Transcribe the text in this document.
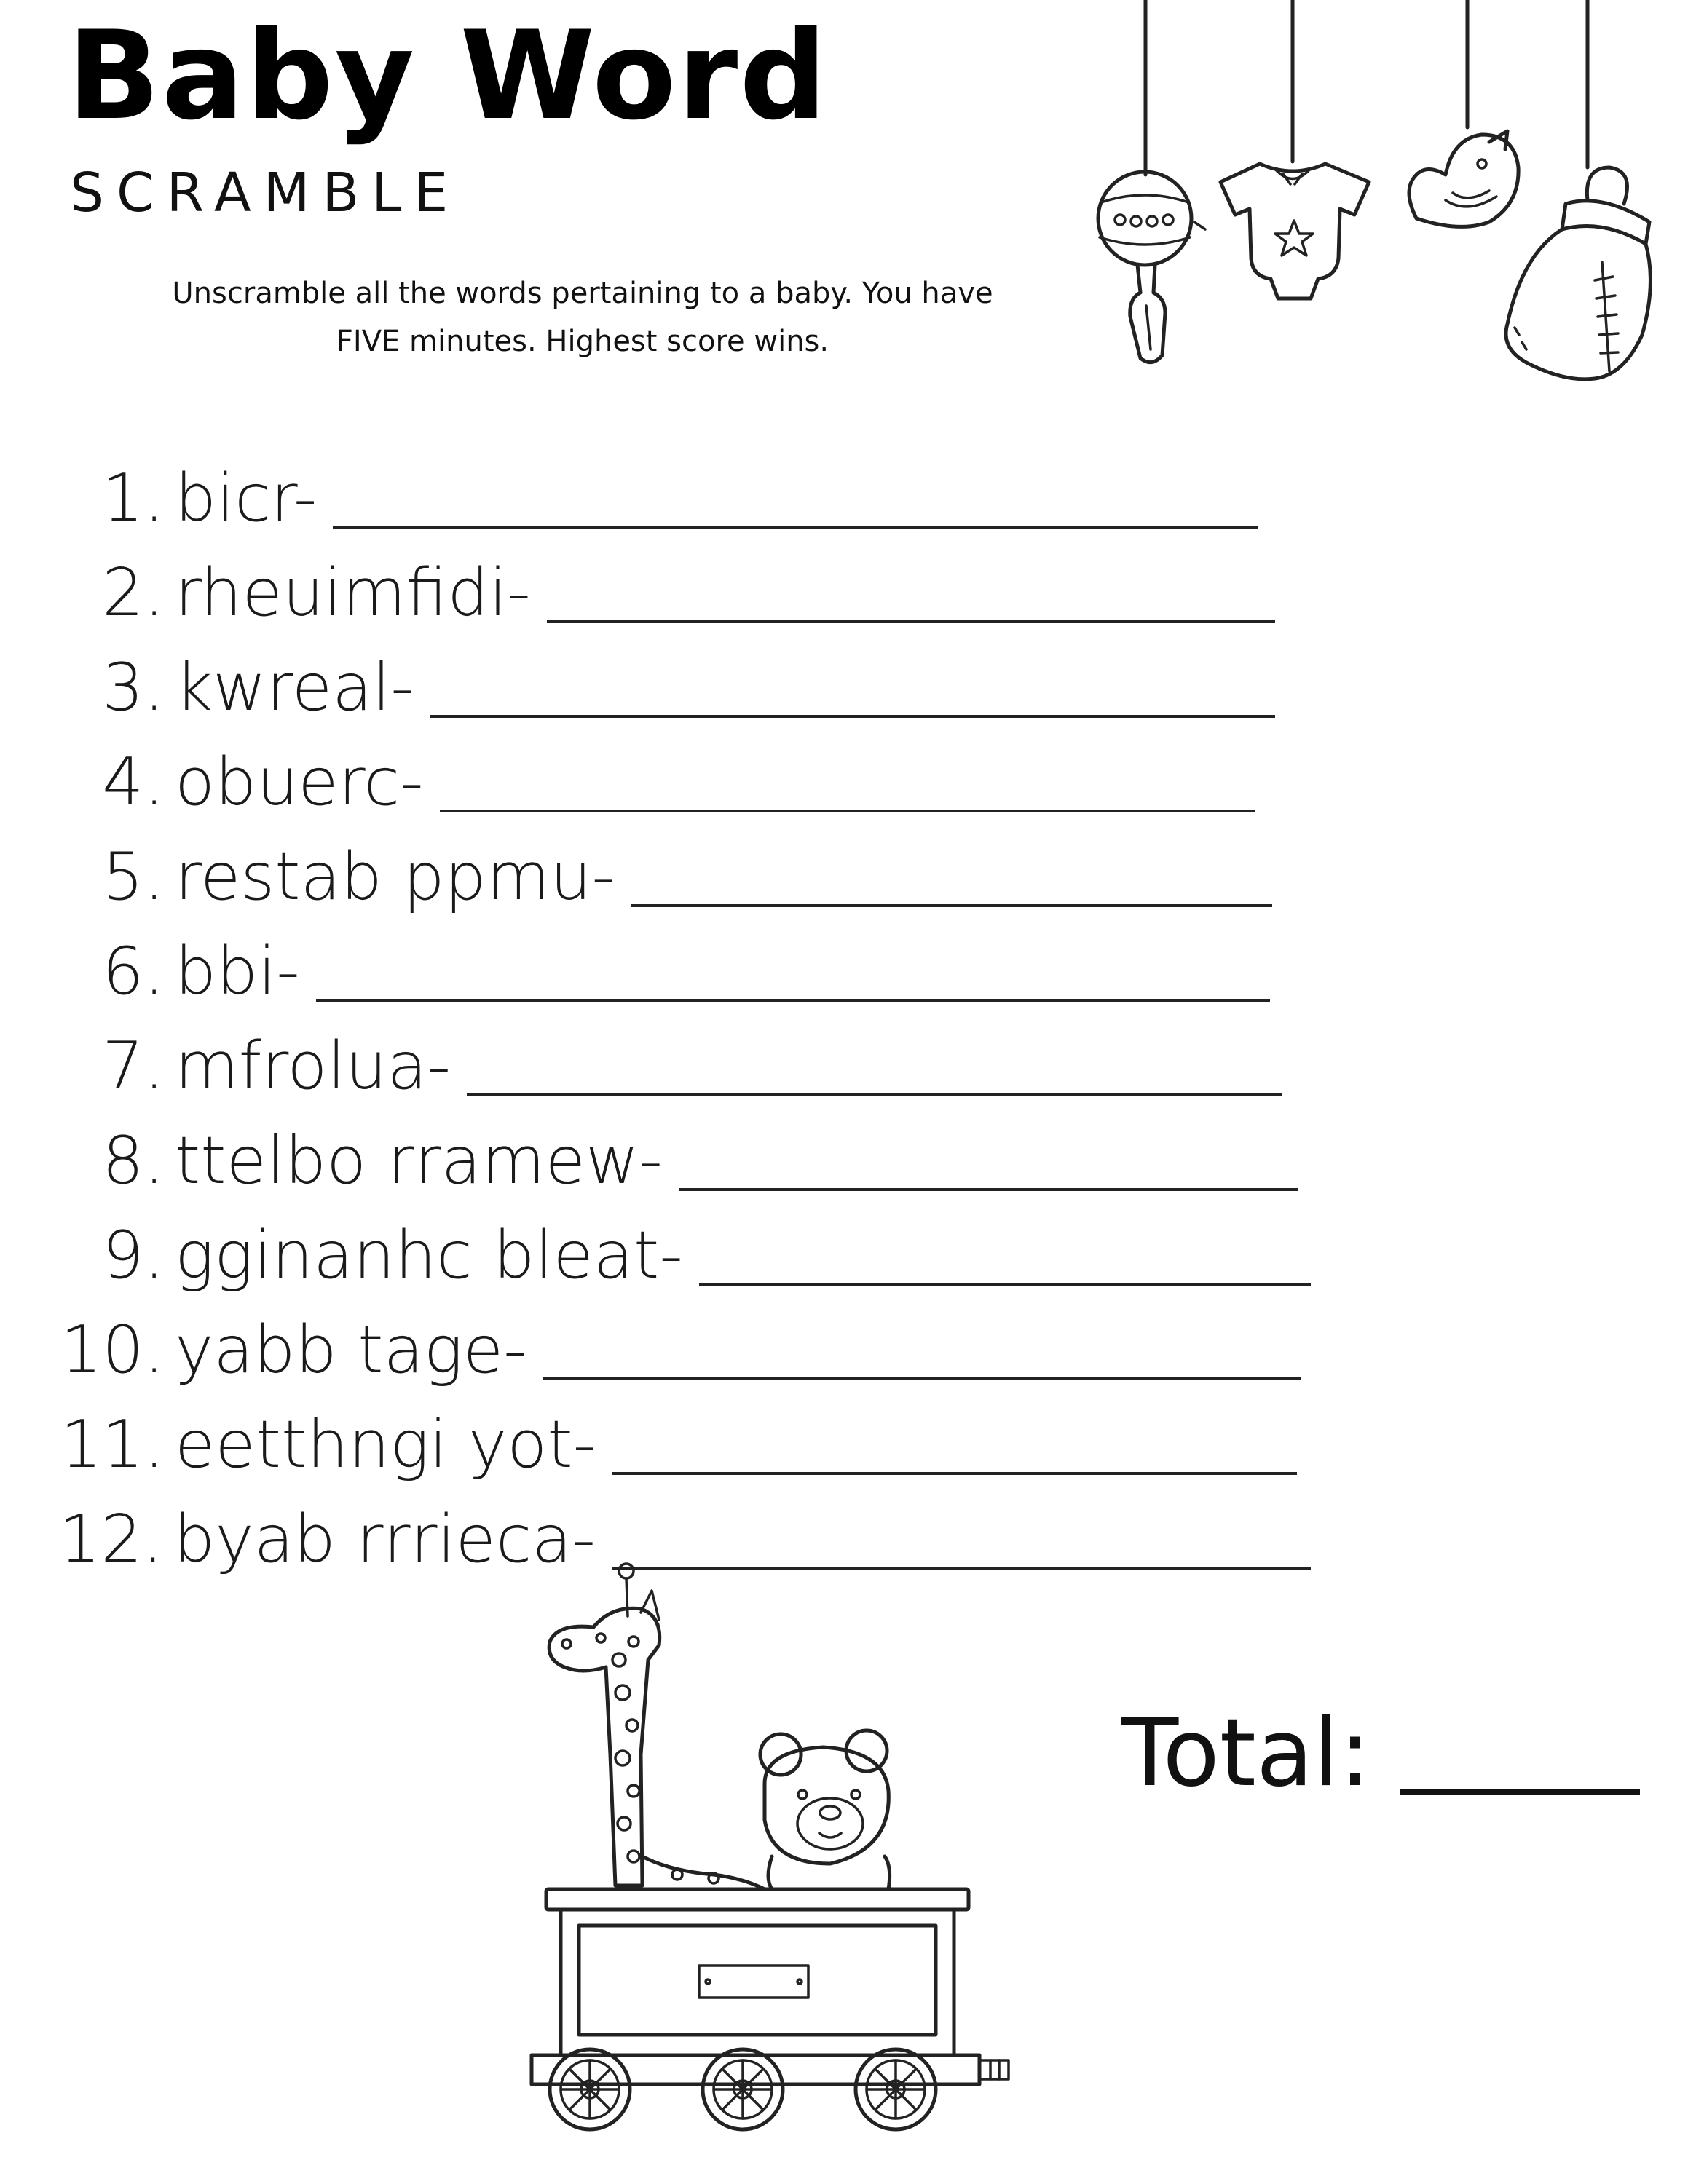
Baby Word
SCRAMBLE
Unscramble all the words pertaining to a baby. You have
FIVE minutes. Highest score wins.
1. bicr-
2. rheuimfidi-
3. kwreal-
4. obuerc-
5. restab ppmu-
6. bbi-
7. mfrolua-
8. ttelbo rramew-
9. gginanhc bleat-
10. yabb tage-
11. eetthngi yot-
12. byab rrrieca-
Total:
